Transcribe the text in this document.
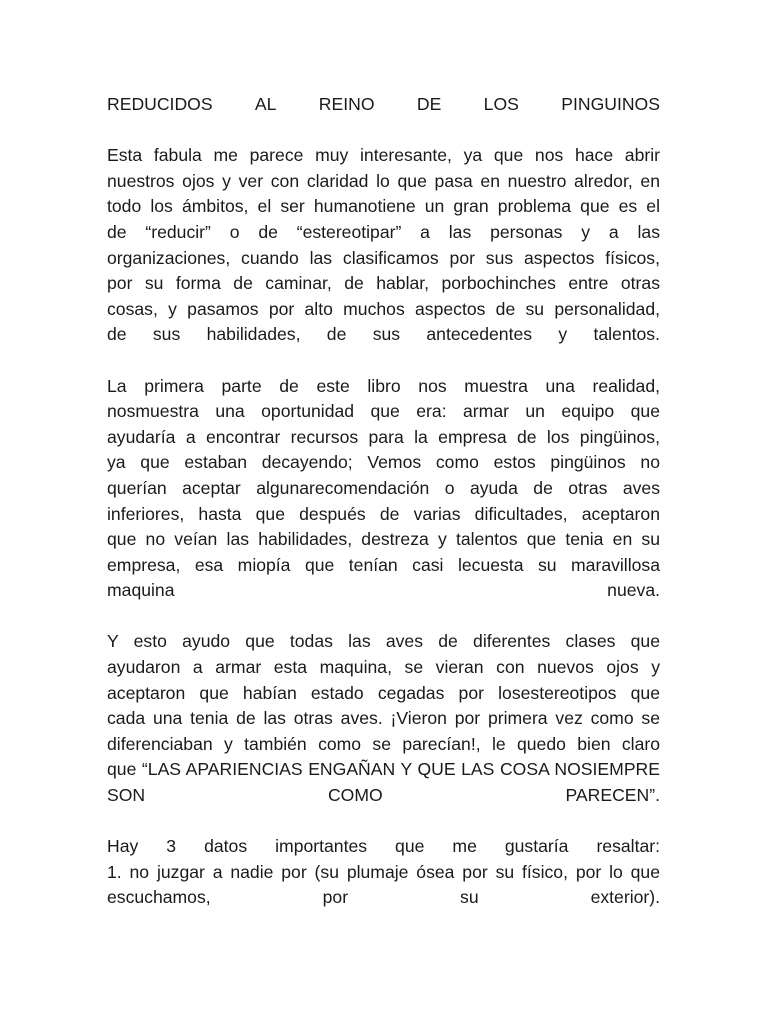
REDUCIDOS AL REINO DE LOS PINGUINOS
Esta fabula me parece muy interesante, ya que nos hace abrir
nuestros ojos y ver con claridad lo que pasa en nuestro alredor, en
todo los ámbitos, el ser humanotiene un gran problema que es el
de “reducir” o de “estereotipar” a las personas y a las
organizaciones, cuando las clasificamos por sus aspectos físicos,
por su forma de caminar, de hablar, porbochinches entre otras
cosas, y pasamos por alto muchos aspectos de su personalidad,
de sus habilidades, de sus antecedentes y talentos.
La primera parte de este libro nos muestra una realidad,
nosmuestra una oportunidad que era: armar un equipo que
ayudaría a encontrar recursos para la empresa de los pingüinos,
ya que estaban decayendo; Vemos como estos pingüinos no
querían aceptar algunarecomendación o ayuda de otras aves
inferiores, hasta que después de varias dificultades, aceptaron
que no veían las habilidades, destreza y talentos que tenia en su
empresa, esa miopía que tenían casi lecuesta su maravillosa
maquina nueva.
Y esto ayudo que todas las aves de diferentes clases que
ayudaron a armar esta maquina, se vieran con nuevos ojos y
aceptaron que habían estado cegadas por losestereotipos que
cada una tenia de las otras aves. ¡Vieron por primera vez como se
diferenciaban y también como se parecían!, le quedo bien claro
que “LAS APARIENCIAS ENGAÑAN Y QUE LAS COSA NOSIEMPRE
SON COMO PARECEN”.
Hay 3 datos importantes que me gustaría resaltar:
1. no juzgar a nadie por (su plumaje ósea por su físico, por lo que
escuchamos, por su exterior).
